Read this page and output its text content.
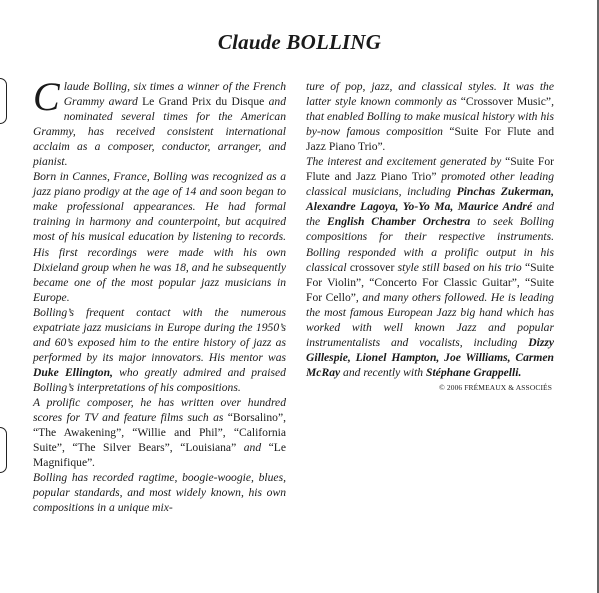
Claude BOLLING

Claude Bolling, six times a winner of the French Grammy award Le Grand Prix du Disque and nominated several times for the American Grammy, has received consistent international acclaim as a composer, conductor, arranger, and pianist.

Born in Cannes, France, Bolling was recognized as a jazz piano prodigy at the age of 14 and soon began to make professional appearances. He had formal training in harmony and counterpoint, but acquired most of his musical education by listening to records. His first recordings were made with his own Dixieland group when he was 18, and he subsequently became one of the most popular jazz musicians in Europe.

Bolling’s frequent contact with the numerous expatriate jazz musicians in Europe during the 1950’s and 60’s exposed him to the entire history of jazz as performed by its major innovators. His mentor was Duke Ellington, who greatly admired and praised Bolling’s interpretations of his compositions.

A prolific composer, he has written over hundred scores for TV and feature films such as “Borsalino”, “The Awakening”, “Willie and Phil”, “California Suite”, “The Silver Bears”, “Louisiana” and “Le Magnifique”.

Bolling has recorded ragtime, boogie-woogie, blues, popular standards, and most widely known, his own compositions in a unique mix-

ture of pop, jazz, and classical styles. It was the latter style known commonly as “Crossover Music”, that enabled Bolling to make musical history with his by-now famous composition “Suite For Flute and Jazz Piano Trio”.

The interest and excitement generated by “Suite For Flute and Jazz Piano Trio” promoted other leading classical musicians, including Pinchas Zukerman, Alexandre Lagoya, Yo-Yo Ma, Maurice André and the English Chamber Orchestra to seek Bolling compositions for their respective instruments. Bolling responded with a prolific output in his classical crossover style still based on his trio “Suite For Violin”, “Concerto For Classic Guitar”, “Suite For Cello”, and many others followed. He is leading the most famous European Jazz big hand which has worked with well known Jazz and popular instrumentalists and vocalists, including Dizzy Gillespie, Lionel Hampton, Joe Williams, Carmen McRay and recently with Stéphane Grappelli.

© 2006 FRÉMEAUX & ASSOCIÉS
